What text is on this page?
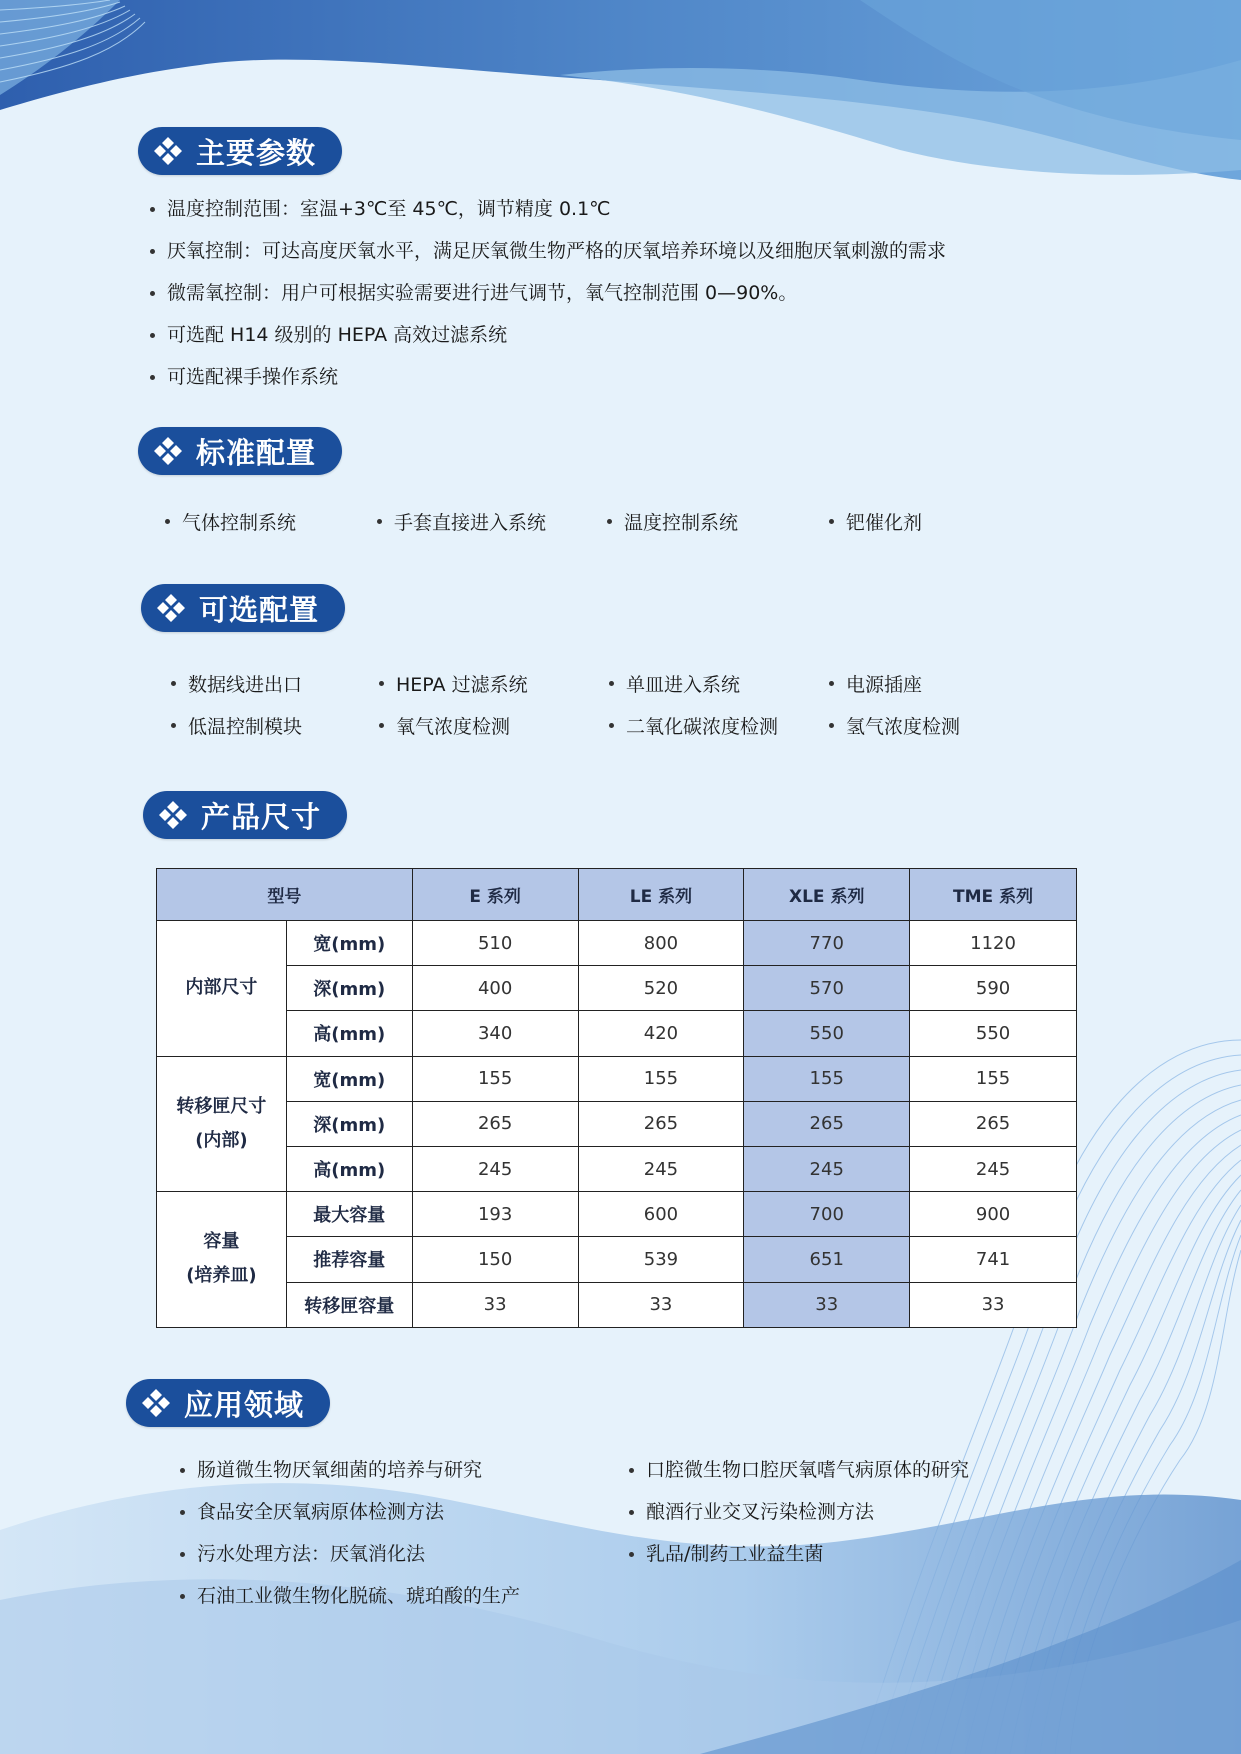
主要参数
温度控制范围：室温+3℃至 45℃，调节精度 0.1℃
厌氧控制：可达高度厌氧水平，满足厌氧微生物严格的厌氧培养环境以及细胞厌氧刺激的需求
微需氧控制：用户可根据实验需要进行进气调节，氧气控制范围 0—90%。
可选配 H14 级别的 HEPA 高效过滤系统
可选配裸手操作系统
标准配置
气体控制系统	手套直接进入系统	温度控制系统	钯催化剂
可选配置
数据线进出口	HEPA 过滤系统	单皿进入系统	电源插座
低温控制模块	氧气浓度检测	二氧化碳浓度检测	氢气浓度检测
产品尺寸
型号		E 系列	LE 系列	XLE 系列	TME 系列

内部尺寸	宽(mm)	510	800	770	1120
	深(mm)	400	520	570	590
	高(mm)	340	420	550	550

转移匣尺寸
(内部)	宽(mm)	155	155	155	155
	深(mm)	265	265	265	265
	高(mm)	245	245	245	245

容量
(培养皿)	最大容量	193	600	700	900
	推荐容量	150	539	651	741
	转移匣容量	33	33	33	33
应用领域
肠道微生物厌氧细菌的培养与研究
食品安全厌氧病原体检测方法
污水处理方法：厌氧消化法
石油工业微生物化脱硫、琥珀酸的生产
口腔微生物口腔厌氧嗜气病原体的研究
酿酒行业交叉污染检测方法
乳品/制药工业益生菌
